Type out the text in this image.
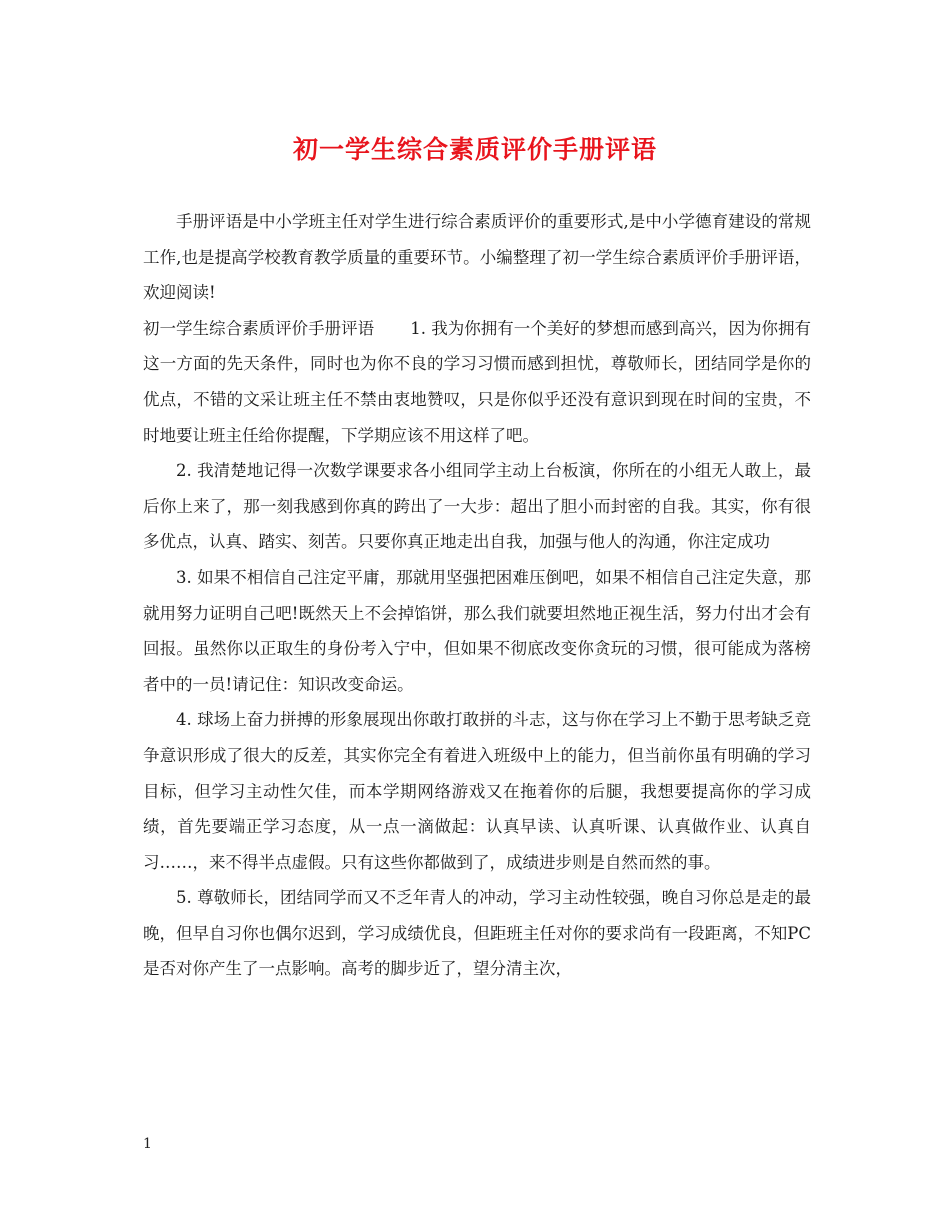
初一学生综合素质评价手册评语

手册评语是中小学班主任对学生进行综合素质评价的重要形式,是中小学德育建设的常规工作,也是提高学校教育教学质量的重要环节。小编整理了初一学生综合素质评价手册评语，欢迎阅读!

初一学生综合素质评价手册评语 1. 我为你拥有一个美好的梦想而感到高兴，因为你拥有这一方面的先天条件，同时也为你不良的学习习惯而感到担忧，尊敬师长，团结同学是你的优点，不错的文采让班主任不禁由衷地赞叹，只是你似乎还没有意识到现在时间的宝贵，不时地要让班主任给你提醒，下学期应该不用这样了吧。

2. 我清楚地记得一次数学课要求各小组同学主动上台板演，你所在的小组无人敢上，最后你上来了，那一刻我感到你真的跨出了一大步：超出了胆小而封密的自我。其实，你有很多优点，认真、踏实、刻苦。只要你真正地走出自我，加强与他人的沟通，你注定成功

3. 如果不相信自己注定平庸，那就用坚强把困难压倒吧，如果不相信自己注定失意，那就用努力证明自己吧!既然天上不会掉馅饼，那么我们就要坦然地正视生活，努力付出才会有回报。虽然你以正取生的身份考入宁中，但如果不彻底改变你贪玩的习惯，很可能成为落榜者中的一员!请记住：知识改变命运。

4. 球场上奋力拼搏的形象展现出你敢打敢拼的斗志，这与你在学习上不勤于思考缺乏竞争意识形成了很大的反差，其实你完全有着进入班级中上的能力，但当前你虽有明确的学习目标，但学习主动性欠佳，而本学期网络游戏又在拖着你的后腿，我想要提高你的学习成绩，首先要端正学习态度，从一点一滴做起：认真早读、认真听课、认真做作业、认真自习……，来不得半点虚假。只有这些你都做到了，成绩进步则是自然而然的事。

5. 尊敬师长，团结同学而又不乏年青人的冲动，学习主动性较强，晚自习你总是走的最晚，但早自习你也偶尔迟到，学习成绩优良，但距班主任对你的要求尚有一段距离，不知PC是否对你产生了一点影响。高考的脚步近了，望分清主次，

1
